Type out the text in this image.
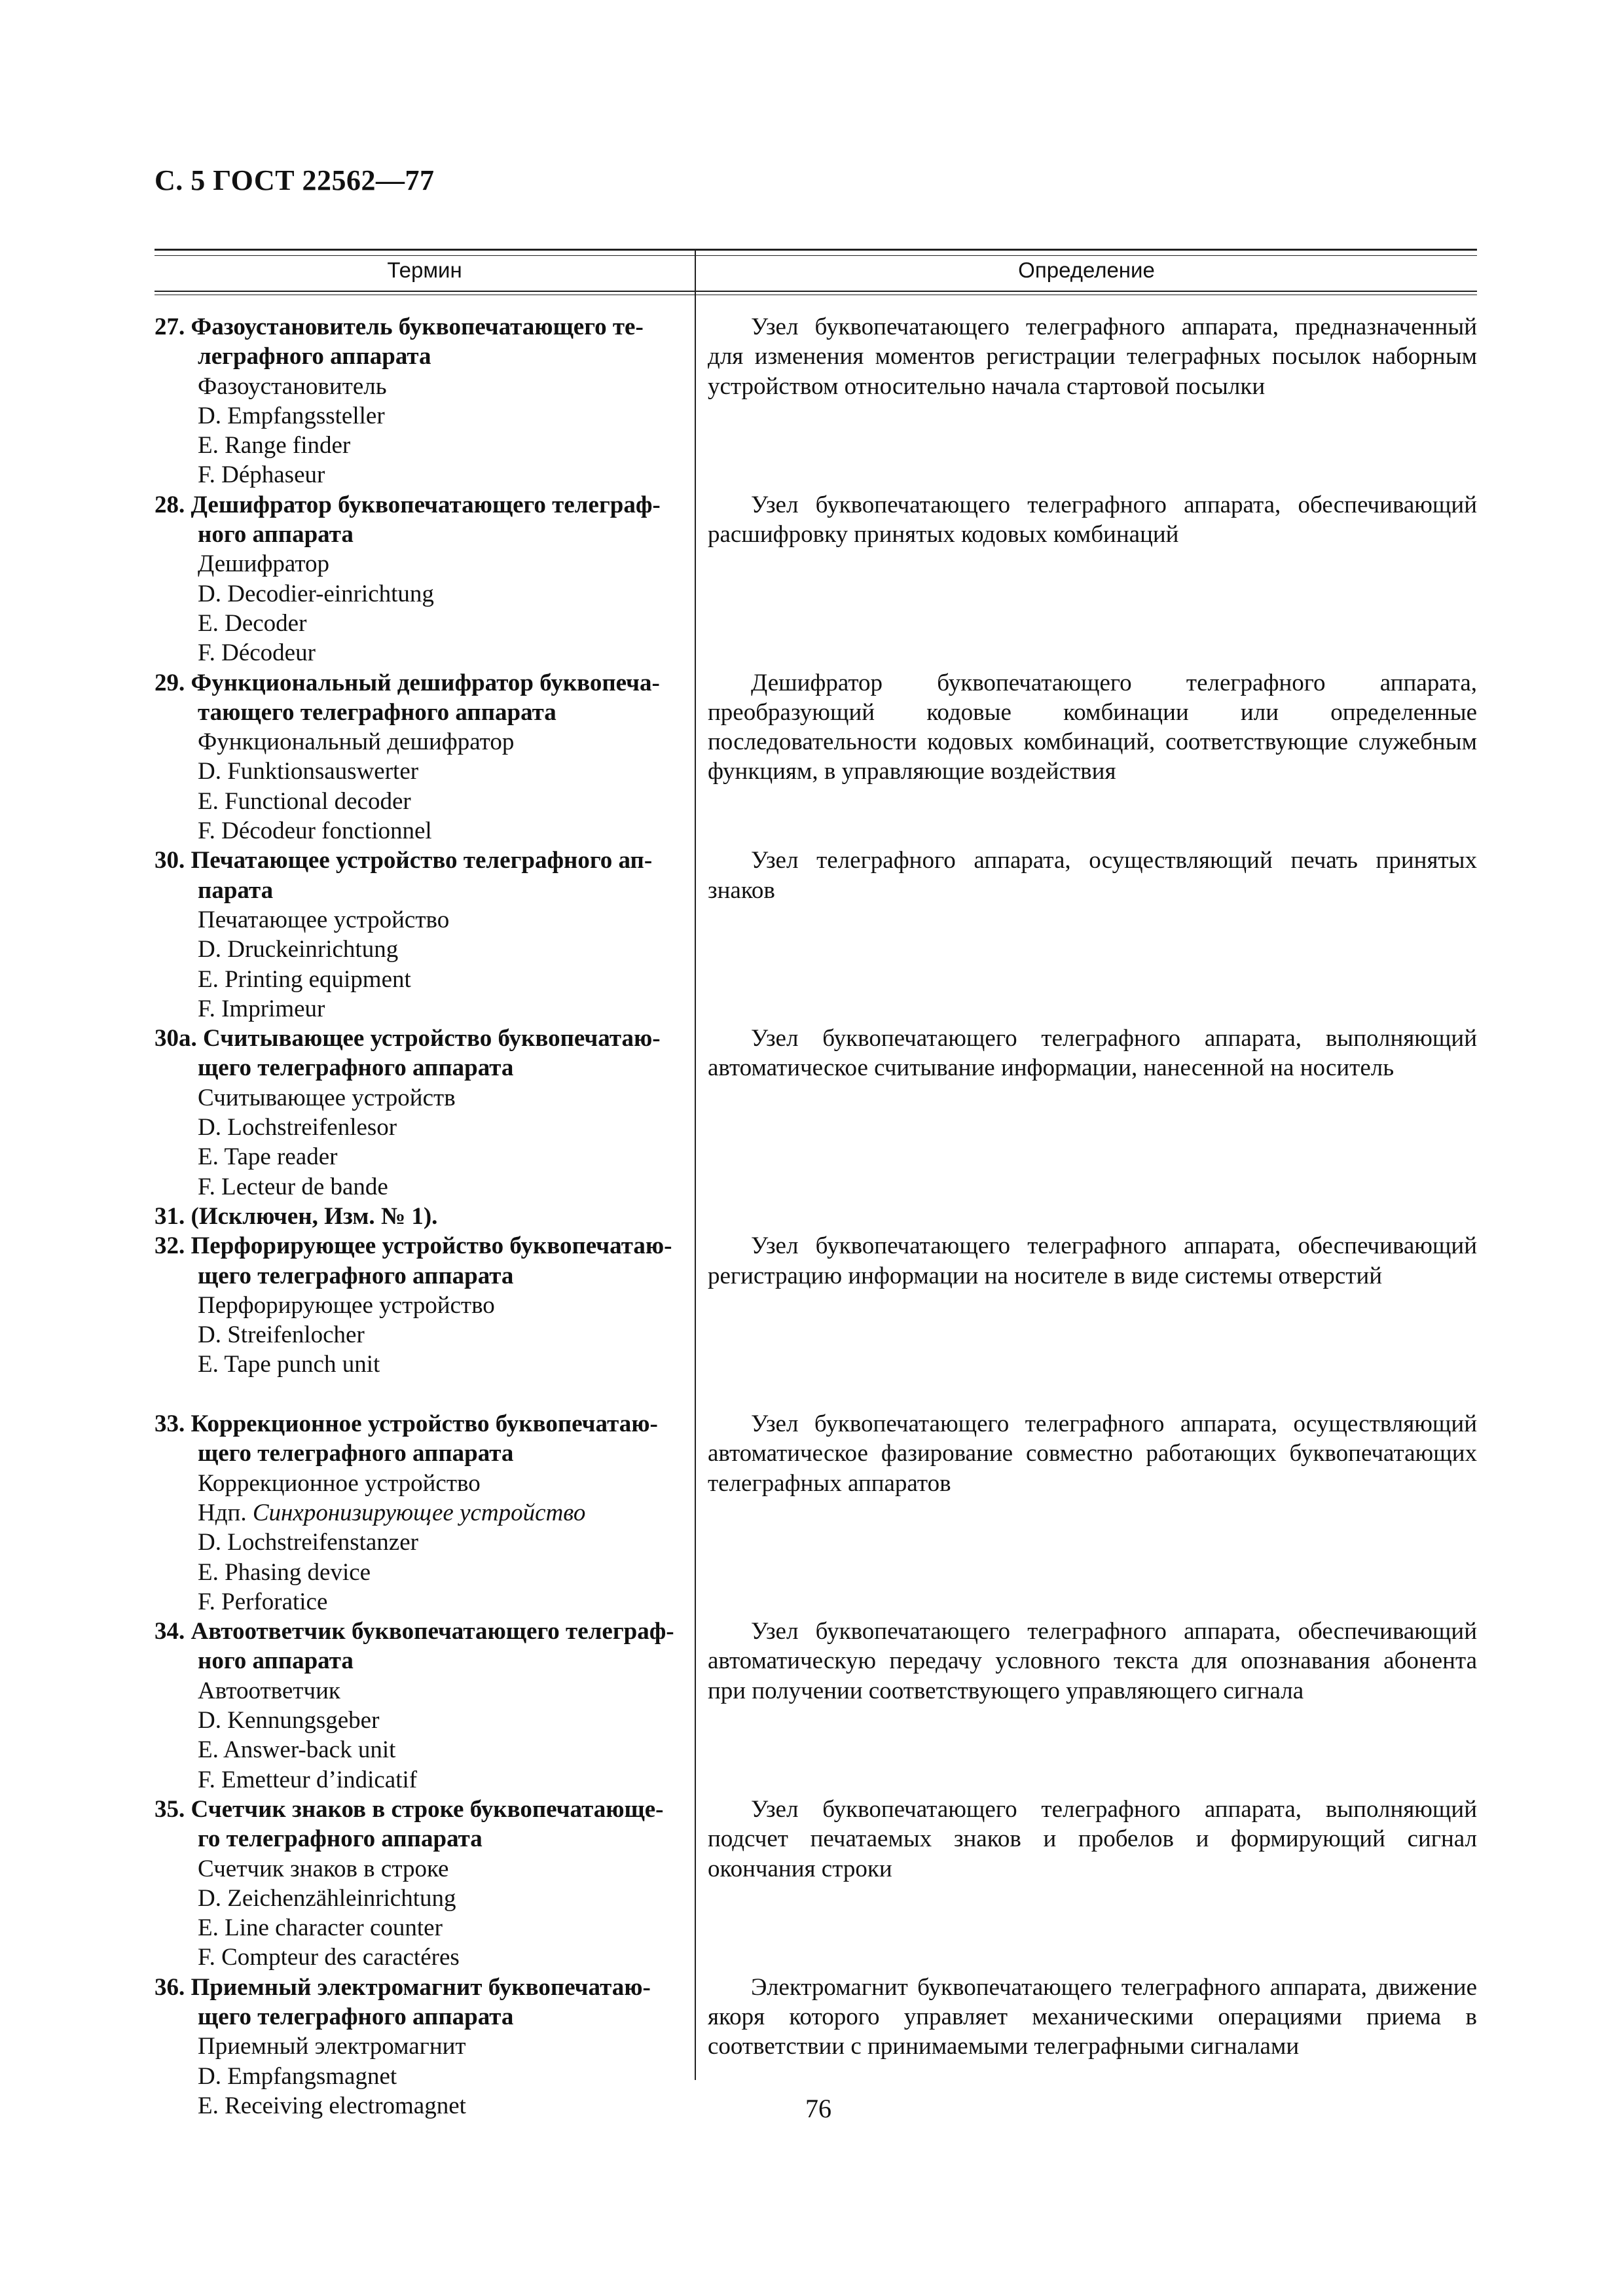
С. 5 ГОСТ 22562—77
Термин	Определение
27. Фазоустановитель буквопечатающего те-
леграфного аппарата
Фазоустановитель
D. Empfangssteller
E. Range finder
F. Déphaseur

Узел буквопечатающего телеграфного аппарата, предназначенный для изменения моментов регистрации телеграфных посылок наборным устройством относительно начала стартовой посылки

28. Дешифратор буквопечатающего телеграф-
ного аппарата
Дешифратор
D. Decodier-einrichtung
E. Decoder
F. Décodeur

Узел буквопечатающего телеграфного аппарата, обеспечивающий расшифровку принятых кодовых комбинаций

29. Функциональный дешифратор буквопеча-
тающего телеграфного аппарата
Функциональный дешифратор
D. Funktionsauswerter
E. Functional decoder
F. Décodeur fonctionnel

Дешифратор буквопечатающего телеграфного аппарата, преобразующий кодовые комбинации или определенные последовательности кодовых комбинаций, соответствующие служебным функциям, в управляющие воздействия

30. Печатающее устройство телеграфного ап-
парата
Печатающее устройство
D. Druckeinrichtung
E. Printing equipment
F. Imprimeur

Узел телеграфного аппарата, осуществляющий печать принятых знаков

30а. Считывающее устройство буквопечатаю-
щего телеграфного аппарата
Считывающее устройств
D. Lochstreifenlesor
E. Tape reader
F. Lecteur de bande

Узел буквопечатающего телеграфного аппарата, выполняющий автоматическое считывание информации, нанесенной на носитель

31. (Исключен, Изм. № 1).
32. Перфорирующее устройство буквопечатаю-
щего телеграфного аппарата
Перфорирующее устройство
D. Streifenlocher
E. Tape punch unit

Узел буквопечатающего телеграфного аппарата, обеспечивающий регистрацию информации на носителе в виде системы отверстий

33. Коррекционное устройство буквопечатаю-
щего телеграфного аппарата
Коррекционное устройство
Ндп. Синхронизирующее устройство
D. Lochstreifenstanzer
E. Phasing device
F. Perforatice

Узел буквопечатающего телеграфного аппарата, осуществляющий автоматическое фазирование совместно работающих буквопечатающих телеграфных аппаратов

34. Автоответчик буквопечатающего телеграф-
ного аппарата
Автоответчик
D. Kennungsgeber
E. Answer-back unit
F. Emetteur d’indicatif

Узел буквопечатающего телеграфного аппарата, обеспечивающий автоматическую передачу условного текста для опознавания абонента при получении соответствующего управляющего сигнала

35. Счетчик знаков в строке буквопечатающе-
го телеграфного аппарата
Счетчик знаков в строке
D. Zeichenzählеinrichtung
E. Line character counter
F. Compteur des caractéres

Узел буквопечатающего телеграфного аппарата, выполняющий подсчет печатаемых знаков и пробелов и формирующий сигнал окончания строки

36. Приемный электромагнит буквопечатаю-
щего телеграфного аппарата
Приемный электромагнит
D. Empfangsmagnet
E. Receiving electromagnet

Электромагнит буквопечатающего телеграфного аппарата, движение якоря которого управляет механическими операциями приема в соответствии с принимаемыми телеграфными сигналами

76
